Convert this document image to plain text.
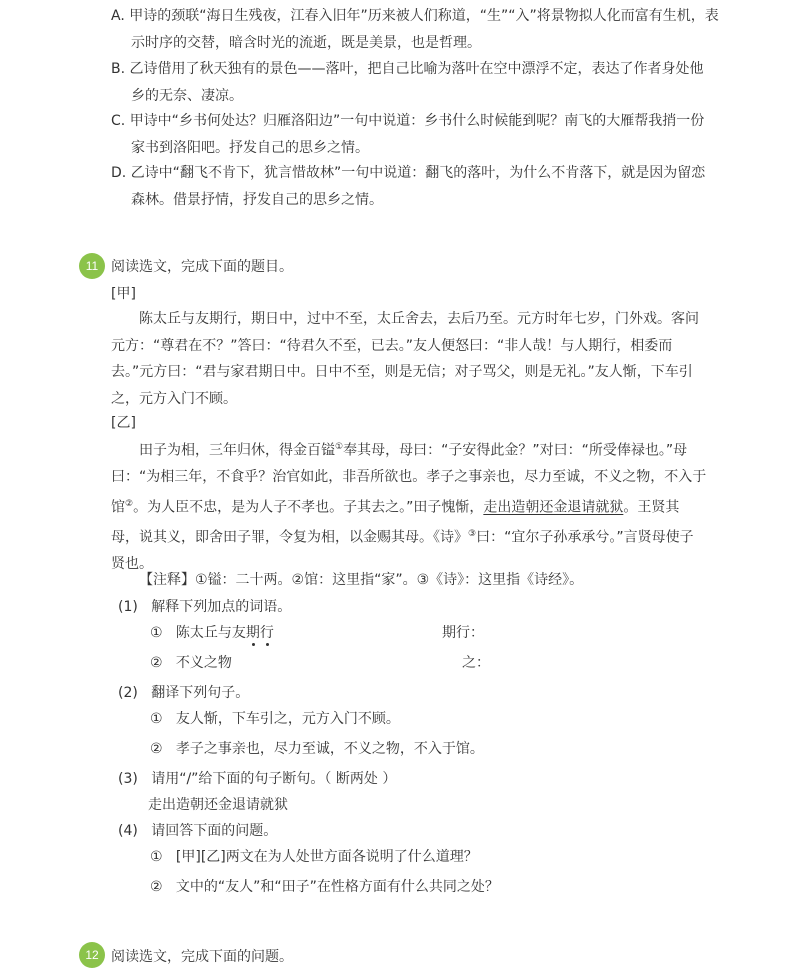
A. 甲诗的颈联“海日生残夜，江春入旧年”历来被人们称道，“生”“入”将景物拟人化而富有生机，表
示时序的交替，暗含时光的流逝，既是美景，也是哲理。
B. 乙诗借用了秋天独有的景色——落叶，把自己比喻为落叶在空中漂浮不定，表达了作者身处他
乡的无奈、凄凉。
C. 甲诗中“乡书何处达？归雁洛阳边”一句中说道：乡书什么时候能到呢？南飞的大雁帮我捎一份
家书到洛阳吧。抒发自己的思乡之情。
D. 乙诗中“翻飞不肯下，犹言惜故林”一句中说道：翻飞的落叶，为什么不肯落下，就是因为留恋
森林。借景抒情，抒发自己的思乡之情。
11 阅读选文，完成下面的题目。
[甲]
陈太丘与友期行，期日中，过中不至，太丘舍去，去后乃至。元方时年七岁，门外戏。客问
元方：“尊君在不？”答曰：“待君久不至，已去。”友人便怒曰：“非人哉！与人期行，相委而
去。”元方曰：“君与家君期日中。日中不至，则是无信；对子骂父，则是无礼。”友人惭，下车引
之，元方入门不顾。
[乙]
田子为相，三年归休，得金百镒①奉其母，母曰：“子安得此金？”对曰：“所受俸禄也。”母
曰：“为相三年，不食乎？治官如此，非吾所欲也。孝子之事亲也，尽力至诚，不义之物，不入于
馆②。为人臣不忠，是为人子不孝也。子其去之。”田子愧惭，走出造朝还金退请就狱。王贤其
母，说其义，即舍田子罪，令复为相，以金赐其母。《诗》③曰：“宜尔子孙承承兮。”言贤母使子
贤也。
【注释】①镒：二十两。②馆：这里指“家”。③《诗》：这里指《诗经》。
(1) 解释下列加点的词语。
① 陈太丘与友期行	期行：
② 不义之物	之：
(2) 翻译下列句子。
① 友人惭，下车引之，元方入门不顾。
② 孝子之事亲也，尽力至诚，不义之物，不入于馆。
(3) 请用“/”给下面的句子断句。（ 断两处 ）
走出造朝还金退请就狱
(4) 请回答下面的问题。
① [甲][乙]两文在为人处世方面各说明了什么道理？
② 文中的“友人”和“田子”在性格方面有什么共同之处？
12 阅读选文，完成下面的问题。
